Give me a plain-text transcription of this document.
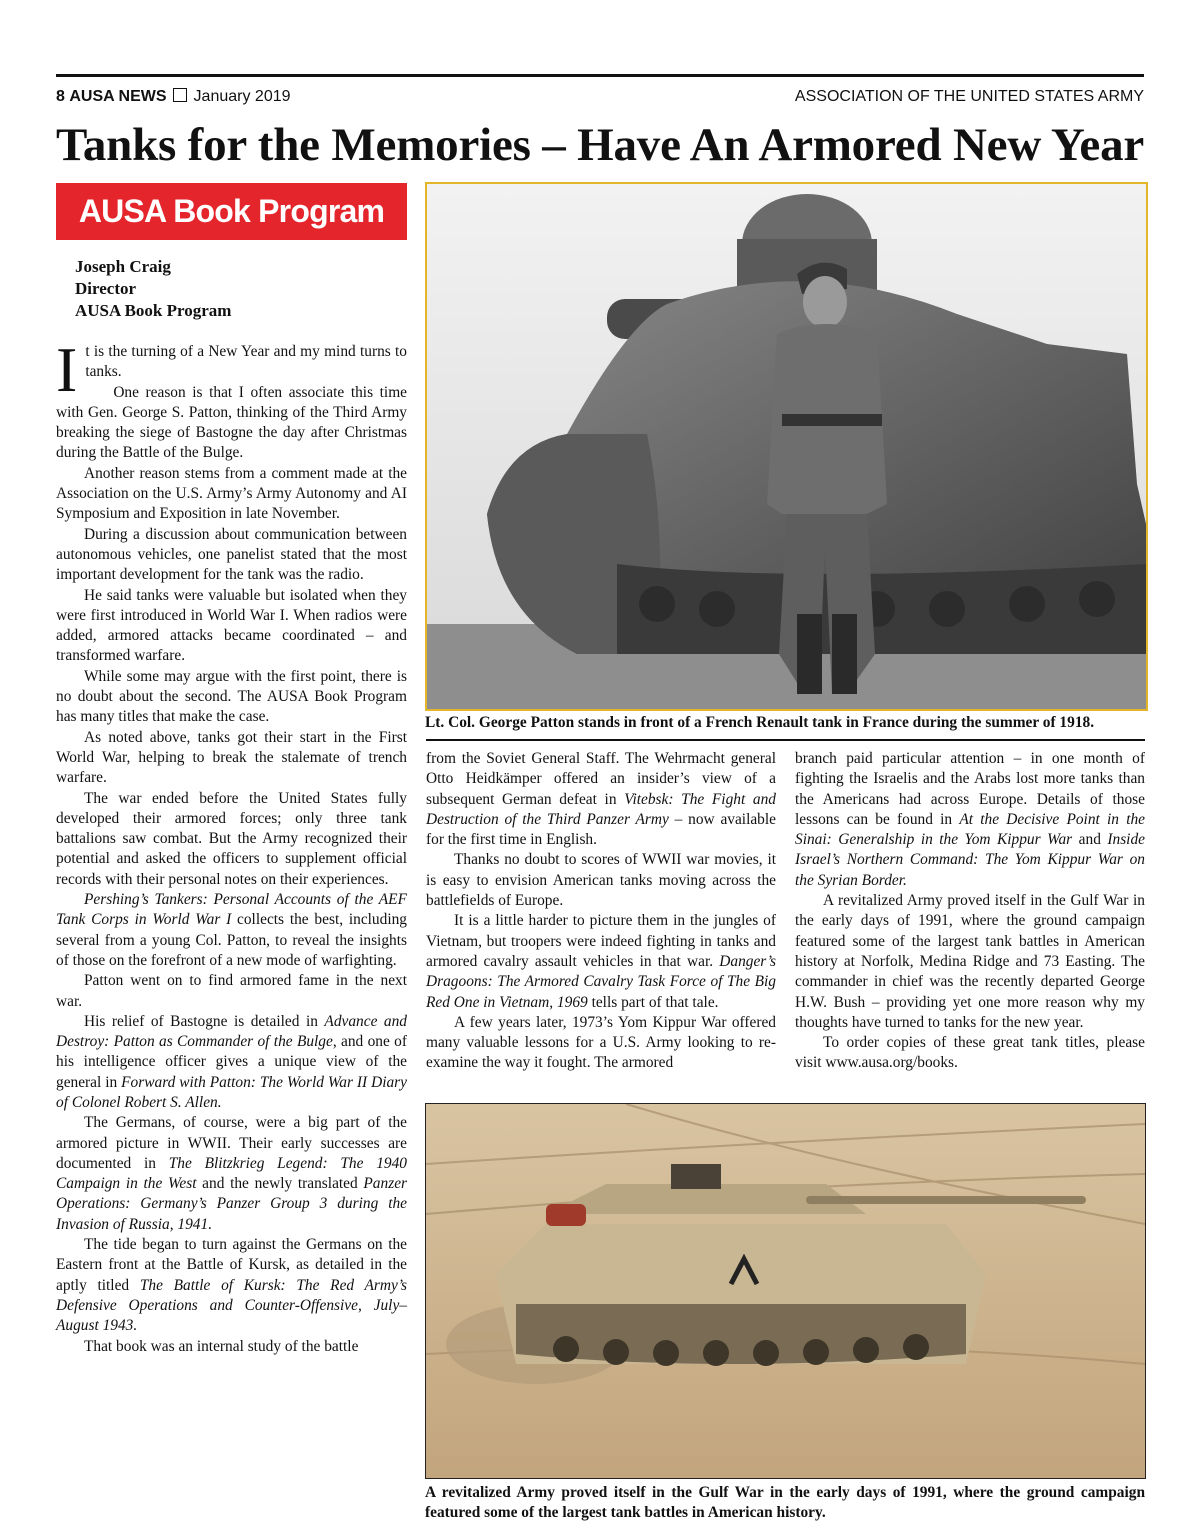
8 AUSA NEWS January 2019	ASSOCIATION OF THE UNITED STATES ARMY
Tanks for the Memories – Have An Armored New Year
AUSA Book Program
Joseph Craig
Director
AUSA Book Program

It is the turning of a New Year and my mind turns to tanks.

One reason is that I often associate this time with Gen. George S. Patton, thinking of the Third Army breaking the siege of Bastogne the day after Christmas during the Battle of the Bulge.

Another reason stems from a comment made at the Association on the U.S. Army’s Army Autonomy and AI Symposium and Exposition in late November.

During a discussion about communication between autonomous vehicles, one panelist stated that the most important development for the tank was the radio.

He said tanks were valuable but isolated when they were first introduced in World War I. When radios were added, armored attacks became coordinated – and transformed warfare.

While some may argue with the first point, there is no doubt about the second. The AUSA Book Program has many titles that make the case.

As noted above, tanks got their start in the First World War, helping to break the stalemate of trench warfare.

The war ended before the United States fully developed their armored forces; only three tank battalions saw combat. But the Army recognized their potential and asked the officers to supplement official records with their personal notes on their experiences.

Pershing’s Tankers: Personal Accounts of the AEF Tank Corps in World War I collects the best, including several from a young Col. Patton, to reveal the insights of those on the forefront of a new mode of warfighting.

Patton went on to find armored fame in the next war.

His relief of Bastogne is detailed in Advance and Destroy: Patton as Commander of the Bulge, and one of his intelligence officer gives a unique view of the general in Forward with Patton: The World War II Diary of Colonel Robert S. Allen.

The Germans, of course, were a big part of the armored picture in WWII. Their early successes are documented in The Blitzkrieg Legend: The 1940 Campaign in the West and the newly translated Panzer Operations: Germany’s Panzer Group 3 during the Invasion of Russia, 1941.

The tide began to turn against the Germans on the Eastern front at the Battle of Kursk, as detailed in the aptly titled The Battle of Kursk: The Red Army’s Defensive Operations and Counter-Offensive, July–August 1943.

That book was an internal study of the battle

Lt. Col. George Patton stands in front of a French Renault tank in France during the summer of 1918.

from the Soviet General Staff. The Wehrmacht general Otto Heidkämper offered an insider’s view of a subsequent German defeat in Vitebsk: The Fight and Destruction of the Third Panzer Army – now available for the first time in English.

Thanks no doubt to scores of WWII war movies, it is easy to envision American tanks moving across the battlefields of Europe.

It is a little harder to picture them in the jungles of Vietnam, but troopers were indeed fighting in tanks and armored cavalry assault vehicles in that war. Danger’s Dragoons: The Armored Cavalry Task Force of The Big Red One in Vietnam, 1969 tells part of that tale.

A few years later, 1973’s Yom Kippur War offered many valuable lessons for a U.S. Army looking to re-examine the way it fought. The armored

branch paid particular attention – in one month of fighting the Israelis and the Arabs lost more tanks than the Americans had across Europe. Details of those lessons can be found in At the Decisive Point in the Sinai: Generalship in the Yom Kippur War and Inside Israel’s Northern Command: The Yom Kippur War on the Syrian Border.

A revitalized Army proved itself in the Gulf War in the early days of 1991, where the ground campaign featured some of the largest tank battles in American history at Norfolk, Medina Ridge and 73 Easting. The commander in chief was the recently departed George H.W. Bush – providing yet one more reason why my thoughts have turned to tanks for the new year.

To order copies of these great tank titles, please visit www.ausa.org/books.

A revitalized Army proved itself in the Gulf War in the early days of 1991, where the ground campaign featured some of the largest tank battles in American history.
